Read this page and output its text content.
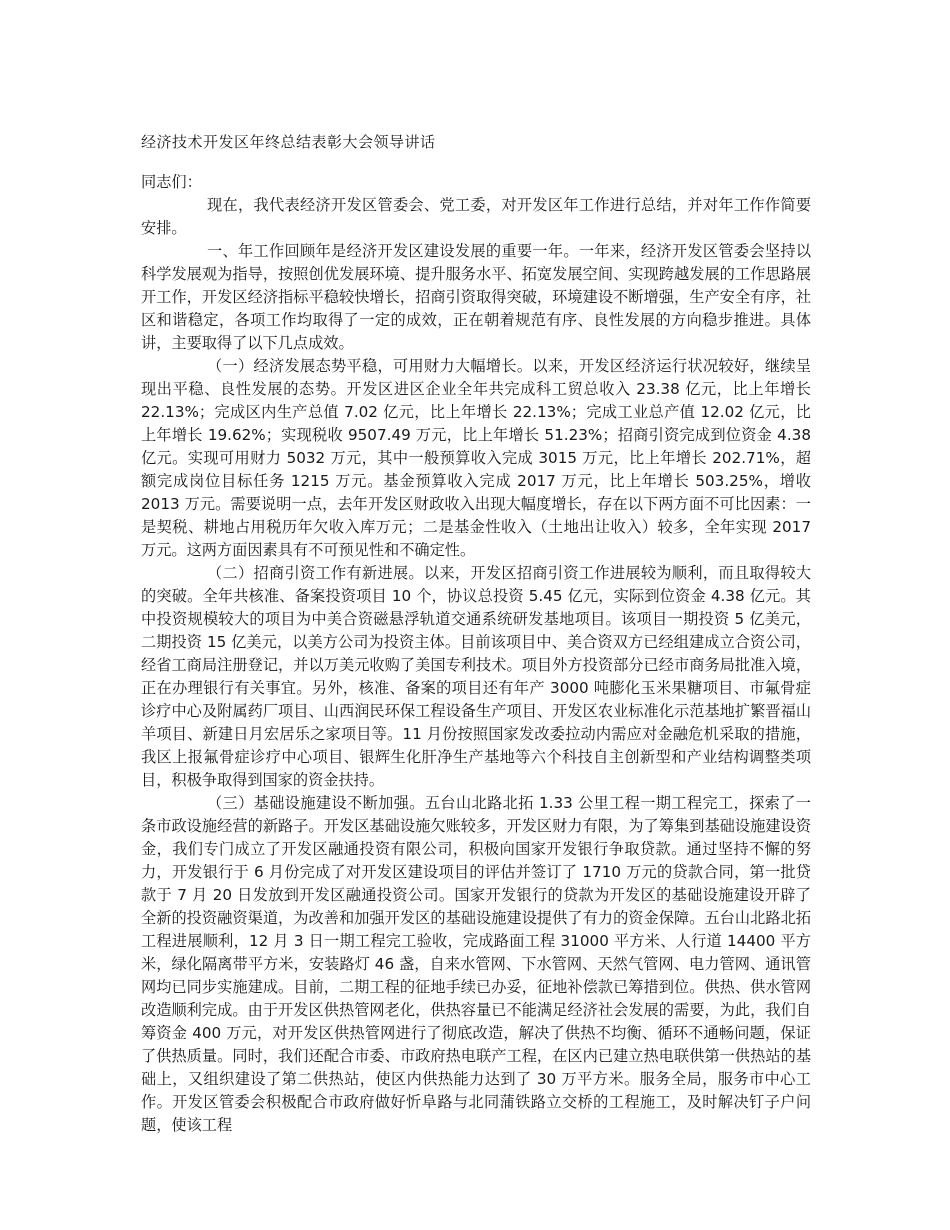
经济技术开发区年终总结表彰大会领导讲话

同志们：

现在，我代表经济开发区管委会、党工委，对开发区年工作进行总结，并对年工作作简要安排。

一、年工作回顾年是经济开发区建设发展的重要一年。一年来，经济开发区管委会坚持以科学发展观为指导，按照创优发展环境、提升服务水平、拓宽发展空间、实现跨越发展的工作思路展开工作，开发区经济指标平稳较快增长，招商引资取得突破，环境建设不断增强，生产安全有序，社区和谐稳定，各项工作均取得了一定的成效，正在朝着规范有序、良性发展的方向稳步推进。具体讲，主要取得了以下几点成效。

（一）经济发展态势平稳，可用财力大幅增长。以来，开发区经济运行状况较好，继续呈现出平稳、良性发展的态势。开发区进区企业全年共完成科工贸总收入 23.38 亿元，比上年增长 22.13%；完成区内生产总值 7.02 亿元，比上年增长 22.13%；完成工业总产值 12.02 亿元，比上年增长 19.62%；实现税收 9507.49 万元，比上年增长 51.23%；招商引资完成到位资金 4.38 亿元。实现可用财力 5032 万元，其中一般预算收入完成 3015 万元，比上年增长 202.71%，超额完成岗位目标任务 1215 万元。基金预算收入完成 2017 万元，比上年增长 503.25%，增收 2013 万元。需要说明一点，去年开发区财政收入出现大幅度增长，存在以下两方面不可比因素：一是契税、耕地占用税历年欠收入库万元；二是基金性收入（土地出让收入）较多，全年实现 2017 万元。这两方面因素具有不可预见性和不确定性。

（二）招商引资工作有新进展。以来，开发区招商引资工作进展较为顺利，而且取得较大的突破。全年共核准、备案投资项目 10 个，协议总投资 5.45 亿元，实际到位资金 4.38 亿元。其中投资规模较大的项目为中美合资磁悬浮轨道交通系统研发基地项目。该项目一期投资 5 亿美元，二期投资 15 亿美元，以美方公司为投资主体。目前该项目中、美合资双方已经组建成立合资公司，经省工商局注册登记，并以万美元收购了美国专利技术。项目外方投资部分已经市商务局批准入境，正在办理银行有关事宜。另外，核准、备案的项目还有年产 3000 吨膨化玉米果糖项目、市氟骨症诊疗中心及附属药厂项目、山西润民环保工程设备生产项目、开发区农业标准化示范基地扩繁晋福山羊项目、新建日月宏居乐之家项目等。11 月份按照国家发改委拉动内需应对金融危机采取的措施，我区上报氟骨症诊疗中心项目、银辉生化肝净生产基地等六个科技自主创新型和产业结构调整类项目，积极争取得到国家的资金扶持。

（三）基础设施建设不断加强。五台山北路北拓 1.33 公里工程一期工程完工，探索了一条市政设施经营的新路子。开发区基础设施欠账较多，开发区财力有限，为了筹集到基础设施建设资金，我们专门成立了开发区融通投资有限公司，积极向国家开发银行争取贷款。通过坚持不懈的努力，开发银行于 6 月份完成了对开发区建设项目的评估并签订了 1710 万元的贷款合同，第一批贷款于 7 月 20 日发放到开发区融通投资公司。国家开发银行的贷款为开发区的基础设施建设开辟了全新的投资融资渠道，为改善和加强开发区的基础设施建设提供了有力的资金保障。五台山北路北拓工程进展顺利，12 月 3 日一期工程完工验收，完成路面工程 31000 平方米、人行道 14400 平方米，绿化隔离带平方米，安装路灯 46 盏，自来水管网、下水管网、天然气管网、电力管网、通讯管网均已同步实施建成。目前，二期工程的征地手续已办妥，征地补偿款已筹措到位。供热、供水管网改造顺利完成。由于开发区供热管网老化，供热容量已不能满足经济社会发展的需要，为此，我们自筹资金 400 万元，对开发区供热管网进行了彻底改造，解决了供热不均衡、循环不通畅问题，保证了供热质量。同时，我们还配合市委、市政府热电联产工程，在区内已建立热电联供第一供热站的基础上，又组织建设了第二供热站，使区内供热能力达到了 30 万平方米。服务全局，服务市中心工作。开发区管委会积极配合市政府做好忻阜路与北同蒲铁路立交桥的工程施工，及时解决钉子户问题，使该工程
